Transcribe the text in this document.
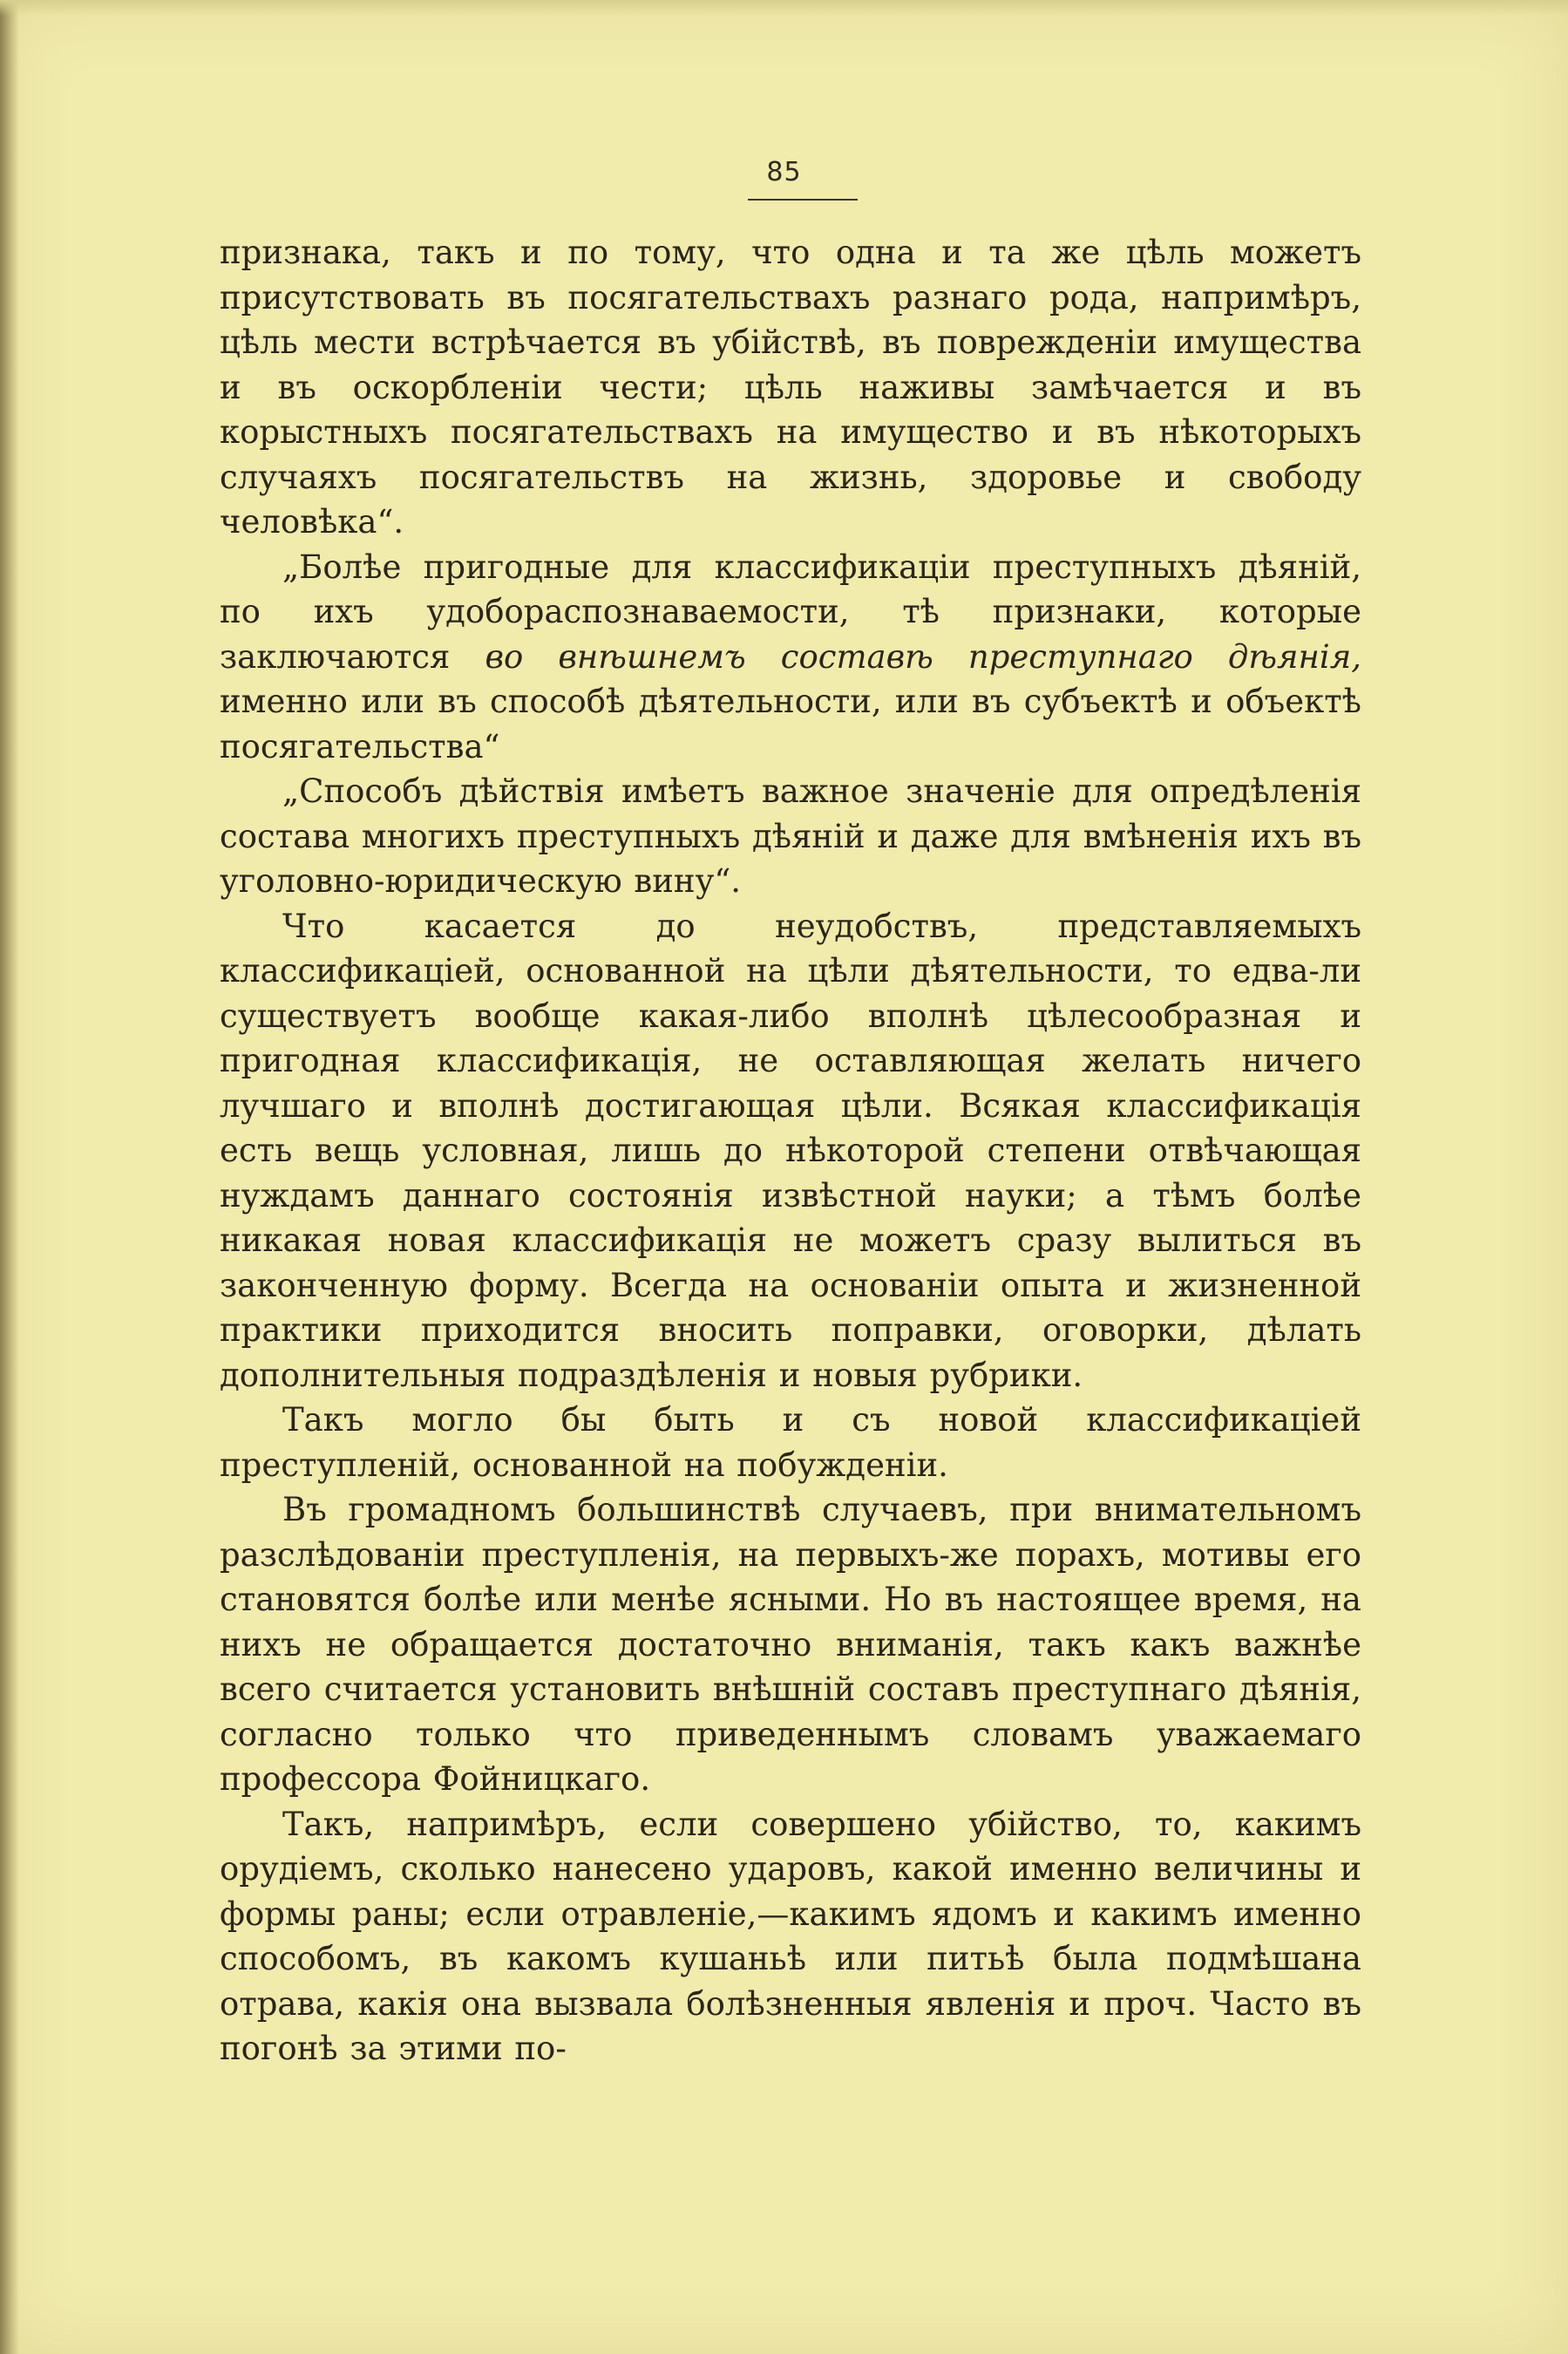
85

признака, такъ и по тому, что одна и та же цѣль можетъ присутствовать въ посягательствахъ разнаго рода, напримѣръ, цѣль мести встрѣчается въ убійствѣ, въ поврежденіи имущества и въ оскорбленіи чести; цѣль наживы замѣчается и въ корыстныхъ посягательствахъ на имущество и въ нѣкоторыхъ случаяхъ посягательствъ на жизнь, здоровье и свободу человѣка“.

„Болѣе пригодные для классификаціи преступныхъ дѣяній, по ихъ удобораспознаваемости, тѣ признаки, которые заключаются во внѣшнемъ составѣ преступнаго дѣянія, именно или въ способѣ дѣятельности, или въ субъектѣ и объектѣ посягательства“

„Способъ дѣйствія имѣетъ важное значеніе для опредѣленія состава многихъ преступныхъ дѣяній и даже для вмѣненія ихъ въ уголовно-юридическую вину“.

Что касается до неудобствъ, представляемыхъ классификаціей, основанной на цѣли дѣятельности, то едва-ли существуетъ вообще какая-либо вполнѣ цѣлесообразная и пригодная классификація, не оставляющая желать ничего лучшаго и вполнѣ достигающая цѣли. Всякая классификація есть вещь условная, лишь до нѣкоторой степени отвѣчающая нуждамъ даннаго состоянія извѣстной науки; а тѣмъ болѣе никакая новая классификація не можетъ сразу вылиться въ законченную форму. Всегда на основаніи опыта и жизненной практики приходится вносить поправки, оговорки, дѣлать дополнительныя подраздѣленія и новыя рубрики.

Такъ могло бы быть и съ новой классификаціей преступленій, основанной на побужденіи.

Въ громадномъ большинствѣ случаевъ, при внимательномъ разслѣдованіи преступленія, на первыхъ-же порахъ, мотивы его становятся болѣе или менѣе ясными. Но въ настоящее время, на нихъ не обращается достаточно вниманія, такъ какъ важнѣе всего считается установить внѣшній составъ преступнаго дѣянія, согласно только что приведеннымъ словамъ уважаемаго профессора Фойницкаго.

Такъ, напримѣръ, если совершено убійство, то, какимъ орудіемъ, сколько нанесено ударовъ, какой именно величины и формы раны; если отравленіе,—какимъ ядомъ и какимъ именно способомъ, въ какомъ кушаньѣ или питьѣ была подмѣшана отрава, какія она вызвала болѣзненныя явленія и проч. Часто въ погонѣ за этими по-
